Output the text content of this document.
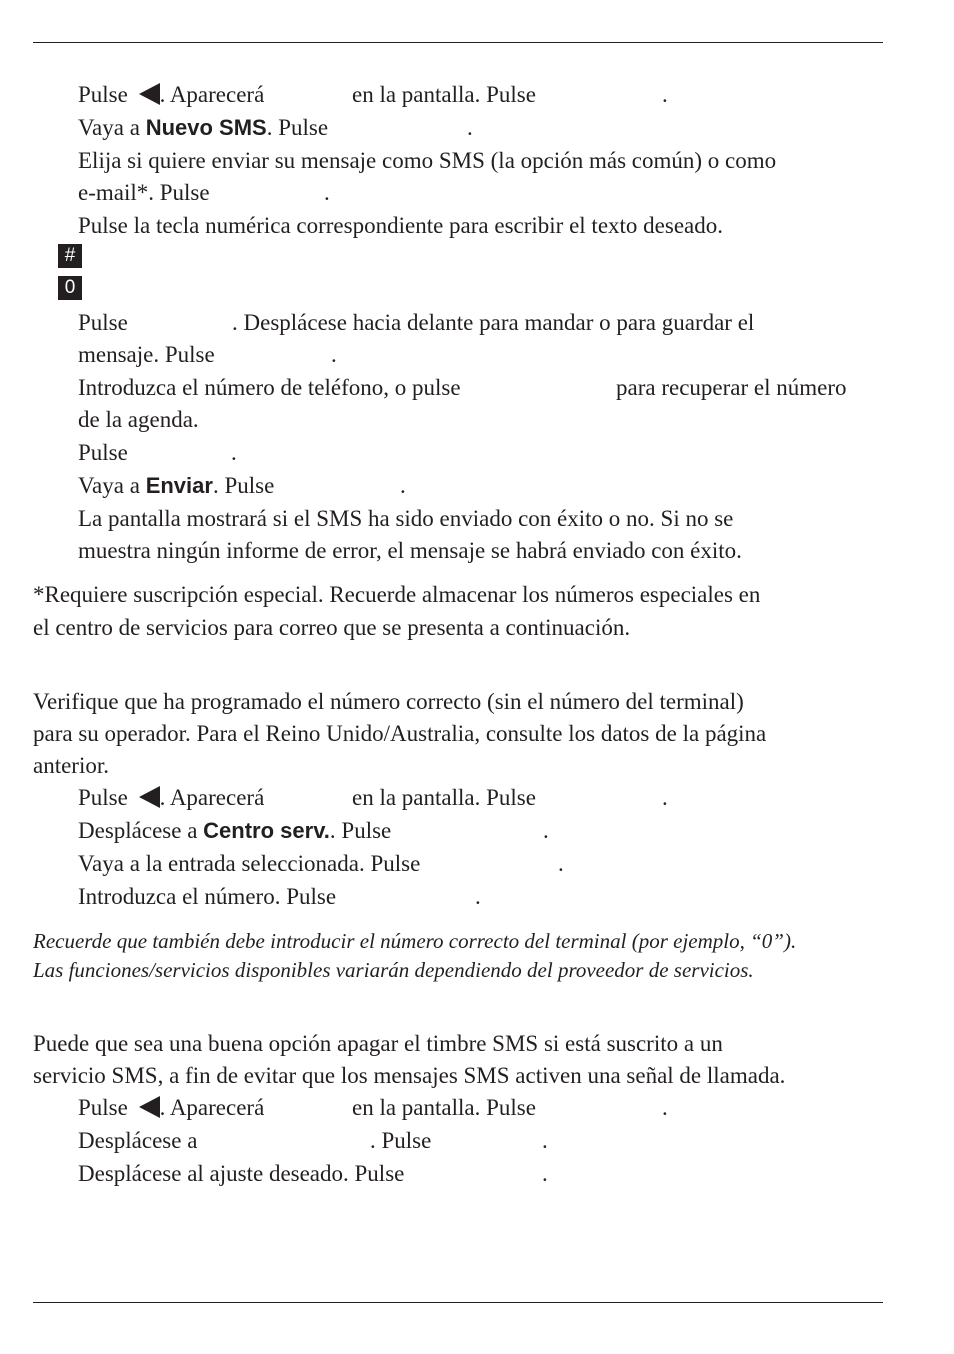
Pulse . Aparecerá	en la pantalla. Pulse	.
Vaya a Nuevo SMS. Pulse	.
Elija si quiere enviar su mensaje como SMS (la opción más común) o como
e-mail*. Pulse	.
Pulse la tecla numérica correspondiente para escribir el texto deseado.
#
0
Pulse	. Desplácese hacia delante para mandar o para guardar el
mensaje. Pulse	.
Introduzca el número de teléfono, o pulse	para recuperar el número
de la agenda.
Pulse	.
Vaya a Enviar. Pulse	.
La pantalla mostrará si el SMS ha sido enviado con éxito o no. Si no se
muestra ningún informe de error, el mensaje se habrá enviado con éxito.
*Requiere suscripción especial. Recuerde almacenar los números especiales en
el centro de servicios para correo que se presenta a continuación.
Verifique que ha programado el número correcto (sin el número del terminal)
para su operador. Para el Reino Unido/Australia, consulte los datos de la página
anterior.
Pulse . Aparecerá	en la pantalla. Pulse	.
Desplácese a Centro serv.. Pulse	.
Vaya a la entrada seleccionada. Pulse	.
Introduzca el número. Pulse	.
Recuerde que también debe introducir el número correcto del terminal (por ejemplo, “0”).
Las funciones/servicios disponibles variarán dependiendo del proveedor de servicios.
Puede que sea una buena opción apagar el timbre SMS si está suscrito a un
servicio SMS, a fin de evitar que los mensajes SMS activen una señal de llamada.
Pulse . Aparecerá	en la pantalla. Pulse	.
Desplácese a	. Pulse	.
Desplácese al ajuste deseado. Pulse	.
